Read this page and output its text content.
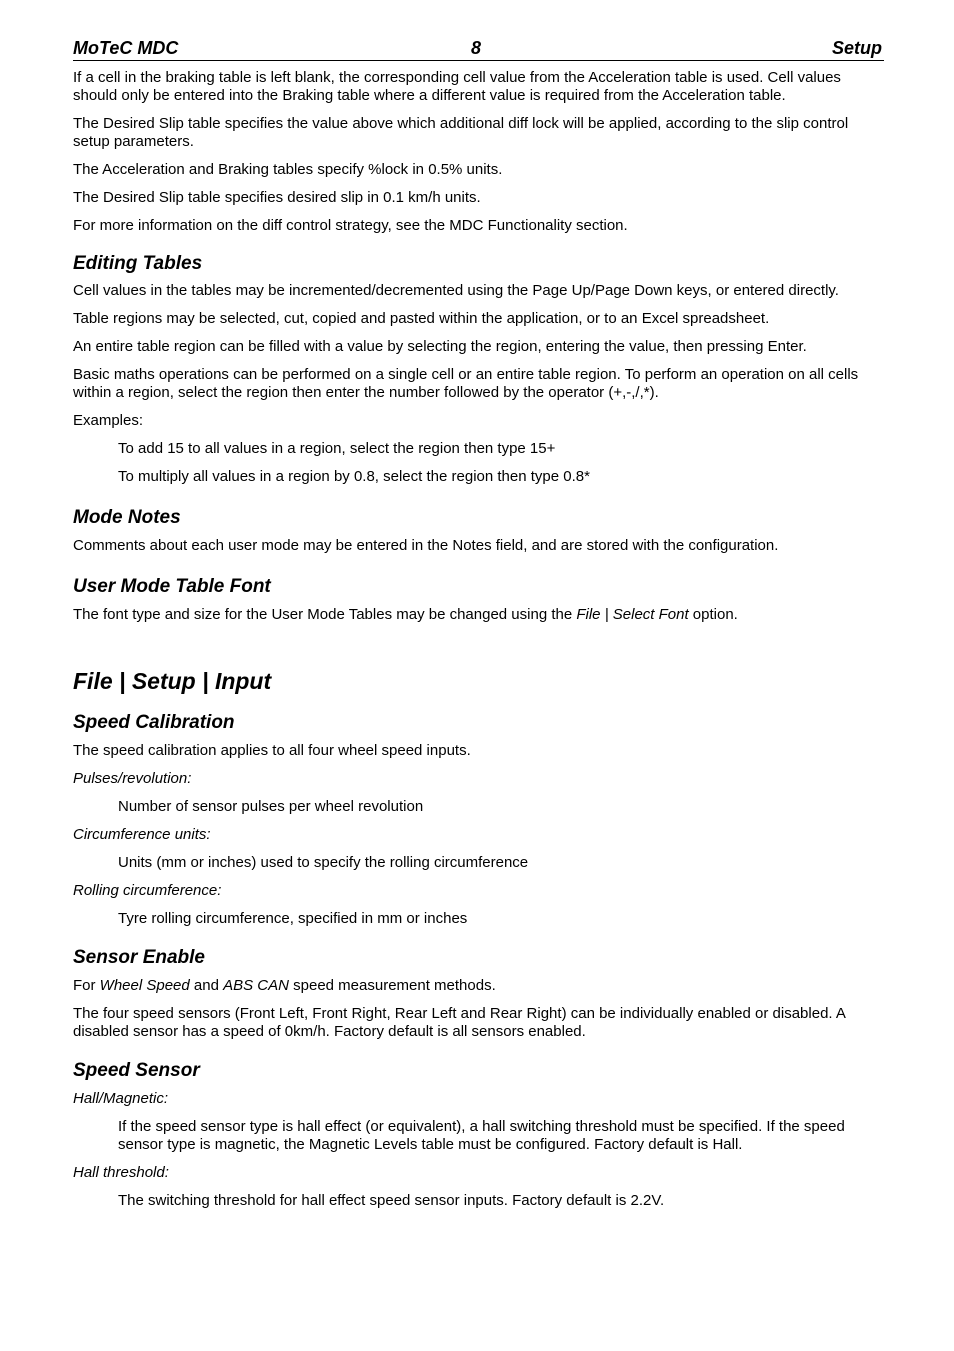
MoTeC MDC	8	Setup

If a cell in the braking table is left blank, the corresponding cell value from the Acceleration table is used. Cell values should only be entered into the Braking table where a different value is required from the Acceleration table.

The Desired Slip table specifies the value above which additional diff lock will be applied, according to the slip control setup parameters.

The Acceleration and Braking tables specify %lock in 0.5% units.

The Desired Slip table specifies desired slip in 0.1 km/h units.

For more information on the diff control strategy, see the MDC Functionality section.

Editing Tables

Cell values in the tables may be incremented/decremented using the Page Up/Page Down keys, or entered directly.

Table regions may be selected, cut, copied and pasted within the application, or to an Excel spreadsheet.

An entire table region can be filled with a value by selecting the region, entering the value, then pressing Enter.

Basic maths operations can be performed on a single cell or an entire table region. To perform an operation on all cells within a region, select the region then enter the number followed by the operator (+,-,/,*).

Examples:

To add 15 to all values in a region, select the region then type 15+

To multiply all values in a region by 0.8, select the region then type 0.8*

Mode Notes

Comments about each user mode may be entered in the Notes field, and are stored with the configuration.

User Mode Table Font

The font type and size for the User Mode Tables may be changed using the File | Select Font option.

File | Setup | Input
Speed Calibration

The speed calibration applies to all four wheel speed inputs.

Pulses/revolution:

Number of sensor pulses per wheel revolution

Circumference units:

Units (mm or inches) used to specify the rolling circumference

Rolling circumference:

Tyre rolling circumference, specified in mm or inches

Sensor Enable

For Wheel Speed and ABS CAN speed measurement methods.

The four speed sensors (Front Left, Front Right, Rear Left and Rear Right) can be individually enabled or disabled. A disabled sensor has a speed of 0km/h. Factory default is all sensors enabled.

Speed Sensor

Hall/Magnetic:

If the speed sensor type is hall effect (or equivalent), a hall switching threshold must be specified. If the speed sensor type is magnetic, the Magnetic Levels table must be configured. Factory default is Hall.

Hall threshold:

The switching threshold for hall effect speed sensor inputs. Factory default is 2.2V.
